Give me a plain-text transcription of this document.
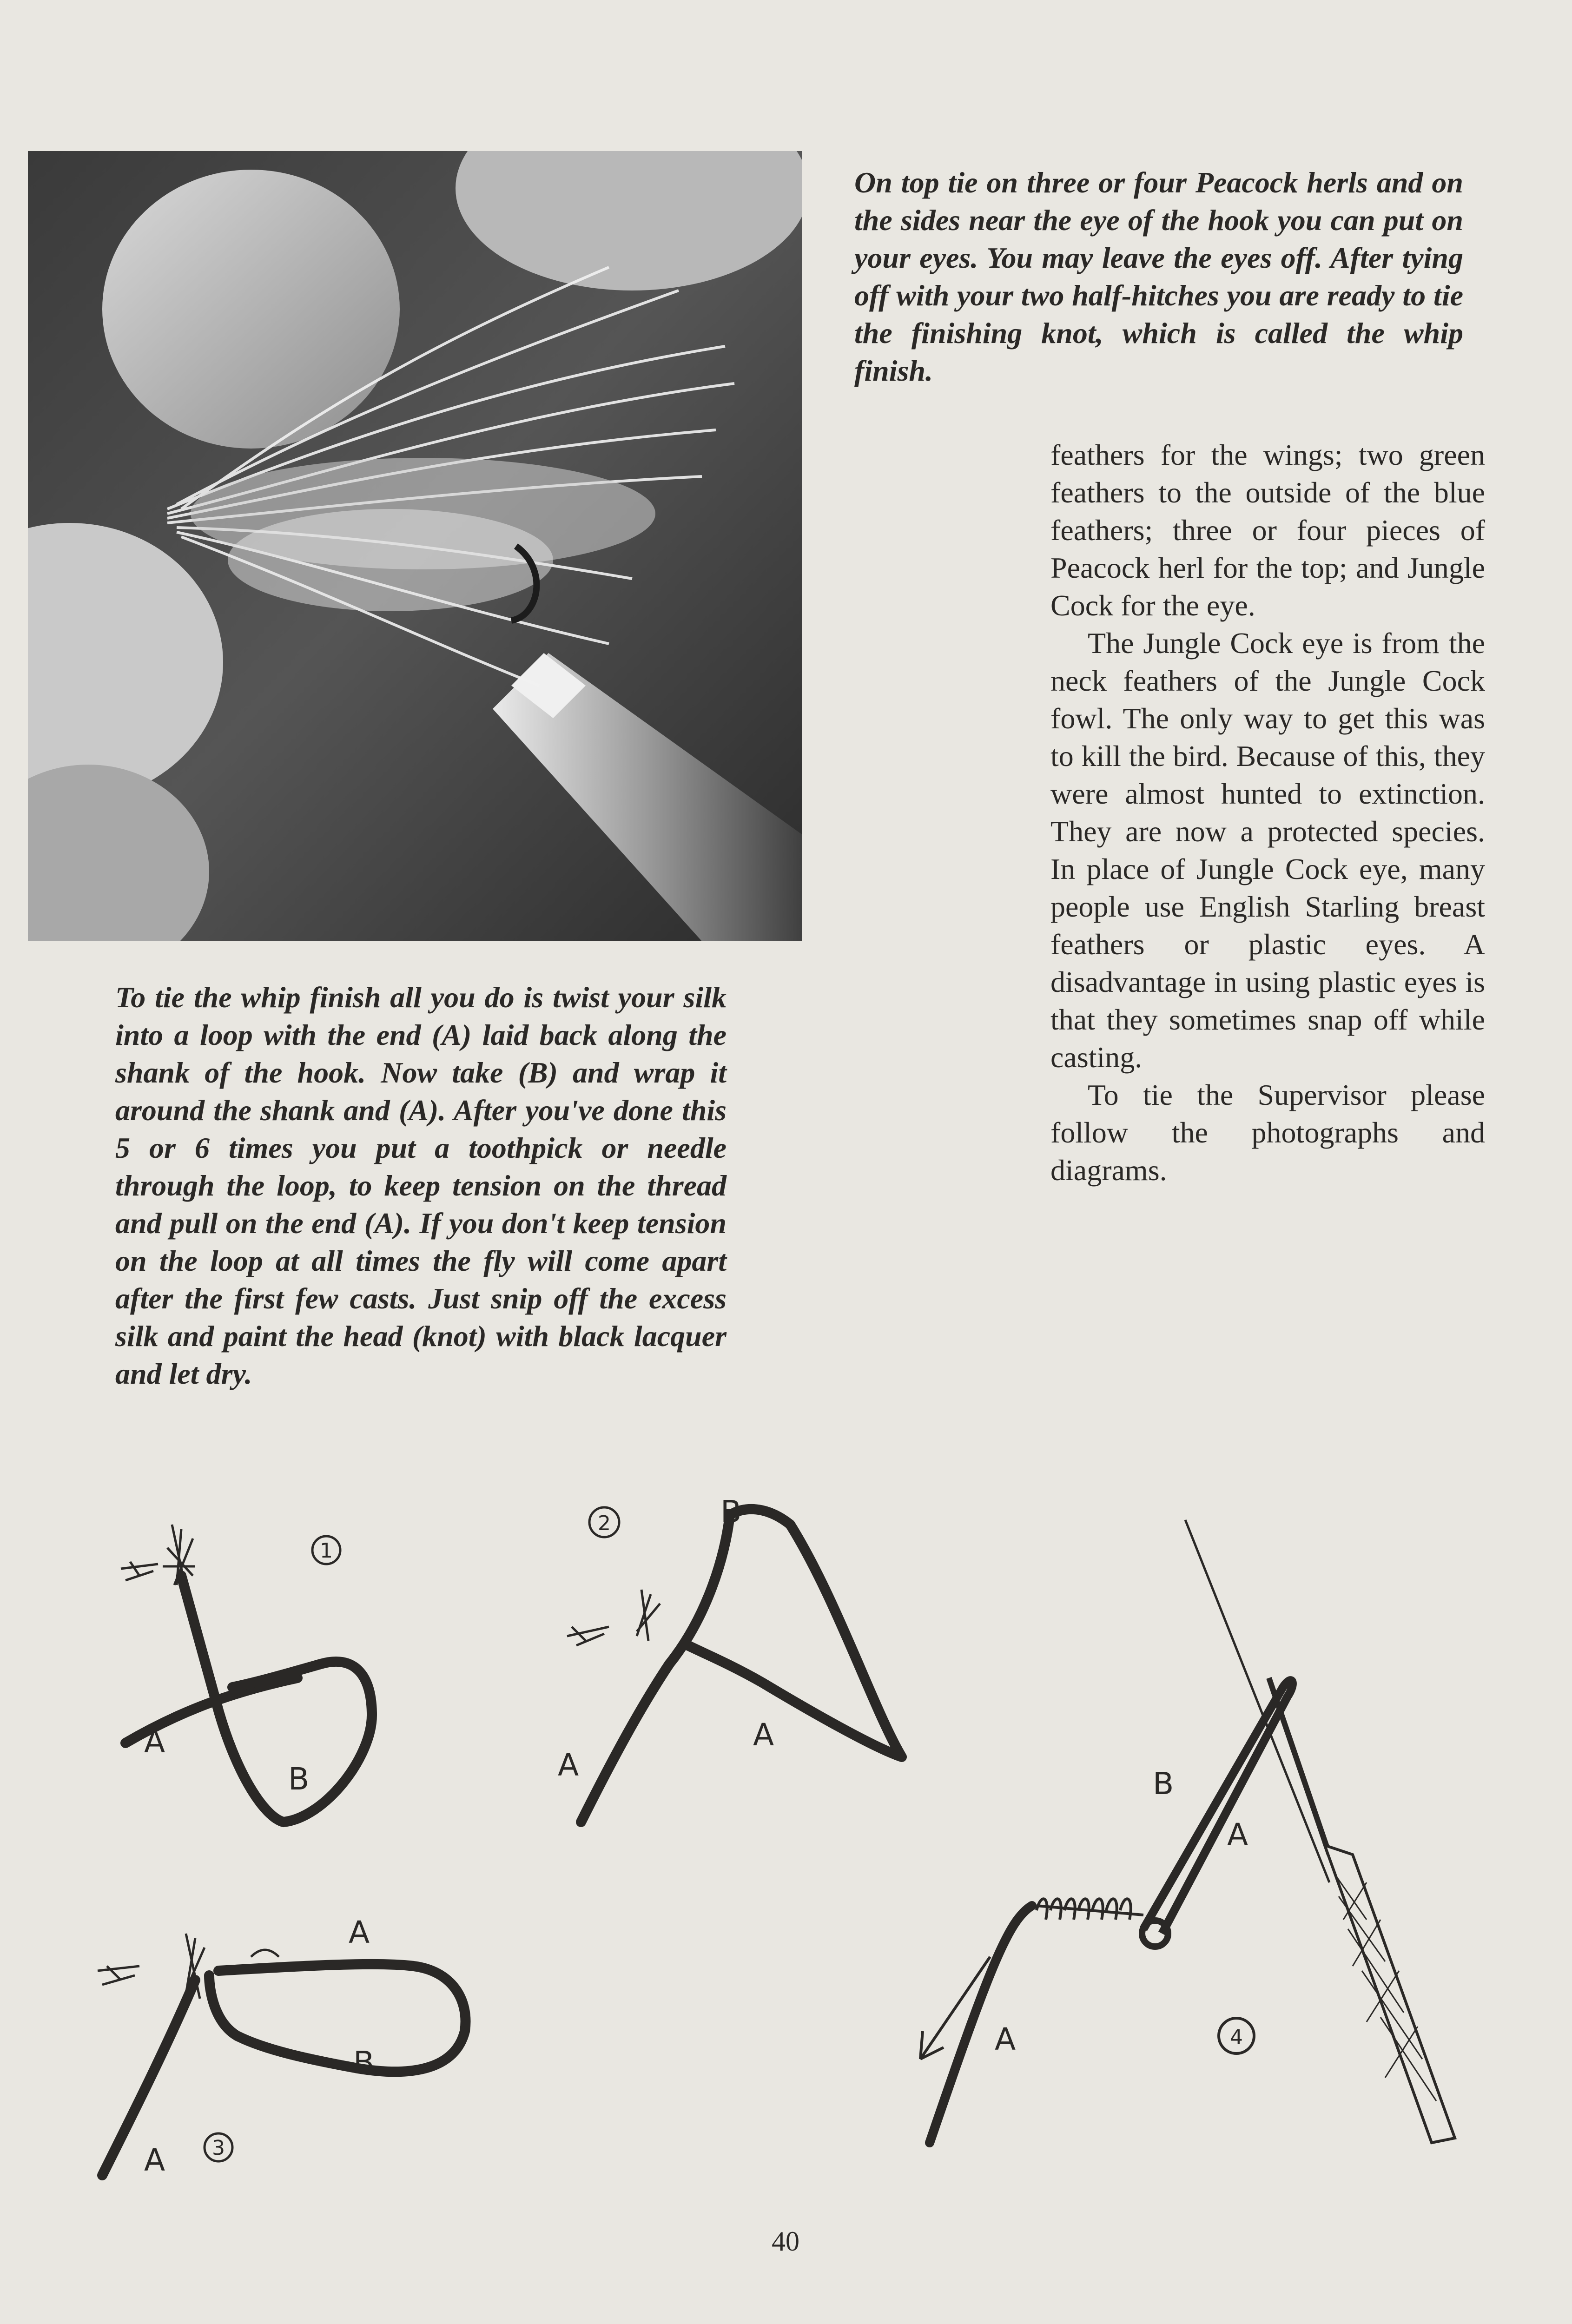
On top tie on three or four Peacock herls and on the sides near the eye of the hook you can put on your eyes. You may leave the eyes off. After tying off with your two half-hitches you are ready to tie the finishing knot, which is called the whip finish.

feathers for the wings; two green feathers to the outside of the blue feathers; three or four pieces of Peacock herl for the top; and Jungle Cock for the eye.

The Jungle Cock eye is from the neck feathers of the Jungle Cock fowl. The only way to get this was to kill the bird. Because of this, they were almost hunted to extinction. They are now a protected species. In place of Jungle Cock eye, many people use English Starling breast feathers or plastic eyes. A disadvantage in using plastic eyes is that they sometimes snap off while casting.

To tie the Supervisor please follow the photographs and diagrams.

To tie the whip finish all you do is twist your silk into a loop with the end (A) laid back along the shank of the hook. Now take (B) and wrap it around the shank and (A). After you've done this 5 or 6 times you put a toothpick or needle through the loop, to keep tension on the thread and pull on the end (A). If you don't keep tension on the loop at all times the fly will come apart after the first few casts. Just snip off the excess silk and paint the head (knot) with black lacquer and let dry.
1
A
B
2	B
A
A
3
A
B
A
4
B
A
A
40
